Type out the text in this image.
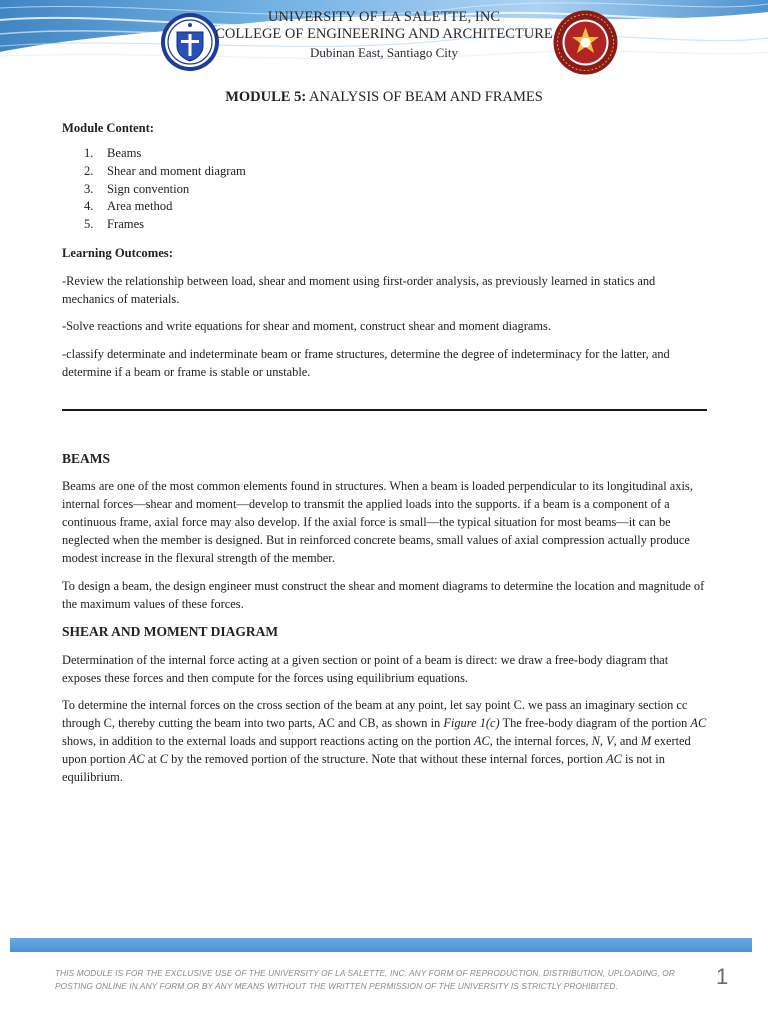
UNIVERSITY OF LA SALETTE, INC
COLLEGE OF ENGINEERING AND ARCHITECTURE
Dubinan East, Santiago City
MODULE 5: ANALYSIS OF BEAM AND FRAMES
Module Content:
1. Beams
2. Shear and moment diagram
3. Sign convention
4. Area method
5. Frames
Learning Outcomes:

-Review the relationship between load, shear and moment using first-order analysis, as previously learned in statics and mechanics of materials.

-Solve reactions and write equations for shear and moment, construct shear and moment diagrams.

-classify determinate and indeterminate beam or frame structures, determine the degree of indeterminacy for the latter, and determine if a beam or frame is stable or unstable.

BEAMS

Beams are one of the most common elements found in structures. When a beam is loaded perpendicular to its longitudinal axis, internal forces—shear and moment—develop to transmit the applied loads into the supports. if a beam is a component of a continuous frame, axial force may also develop. If the axial force is small—the typical situation for most beams—it can be neglected when the member is designed. But in reinforced concrete beams, small values of axial compression actually produce modest increase in the flexural strength of the member.

To design a beam, the design engineer must construct the shear and moment diagrams to determine the location and magnitude of the maximum values of these forces.

SHEAR AND MOMENT DIAGRAM

Determination of the internal force acting at a given section or point of a beam is direct: we draw a free-body diagram that exposes these forces and then compute for the forces using equilibrium equations.

To determine the internal forces on the cross section of the beam at any point, let say point C. we pass an imaginary section cc through C, thereby cutting the beam into two parts, AC and CB, as shown in Figure 1(c) The free-body diagram of the portion AC shows, in addition to the external loads and support reactions acting on the portion AC, the internal forces, N, V, and M exerted upon portion AC at C by the removed portion of the structure. Note that without these internal forces, portion AC is not in equilibrium.

THIS MODULE IS FOR THE EXCLUSIVE USE OF THE UNIVERSITY OF LA SALETTE, INC. ANY FORM OF REPRODUCTION, DISTRIBUTION, UPLOADING, OR POSTING ONLINE IN ANY FORM OR BY ANY MEANS WITHOUT THE WRITTEN PERMISSION OF THE UNIVERSITY IS STRICTLY PROHIBITED.	1
